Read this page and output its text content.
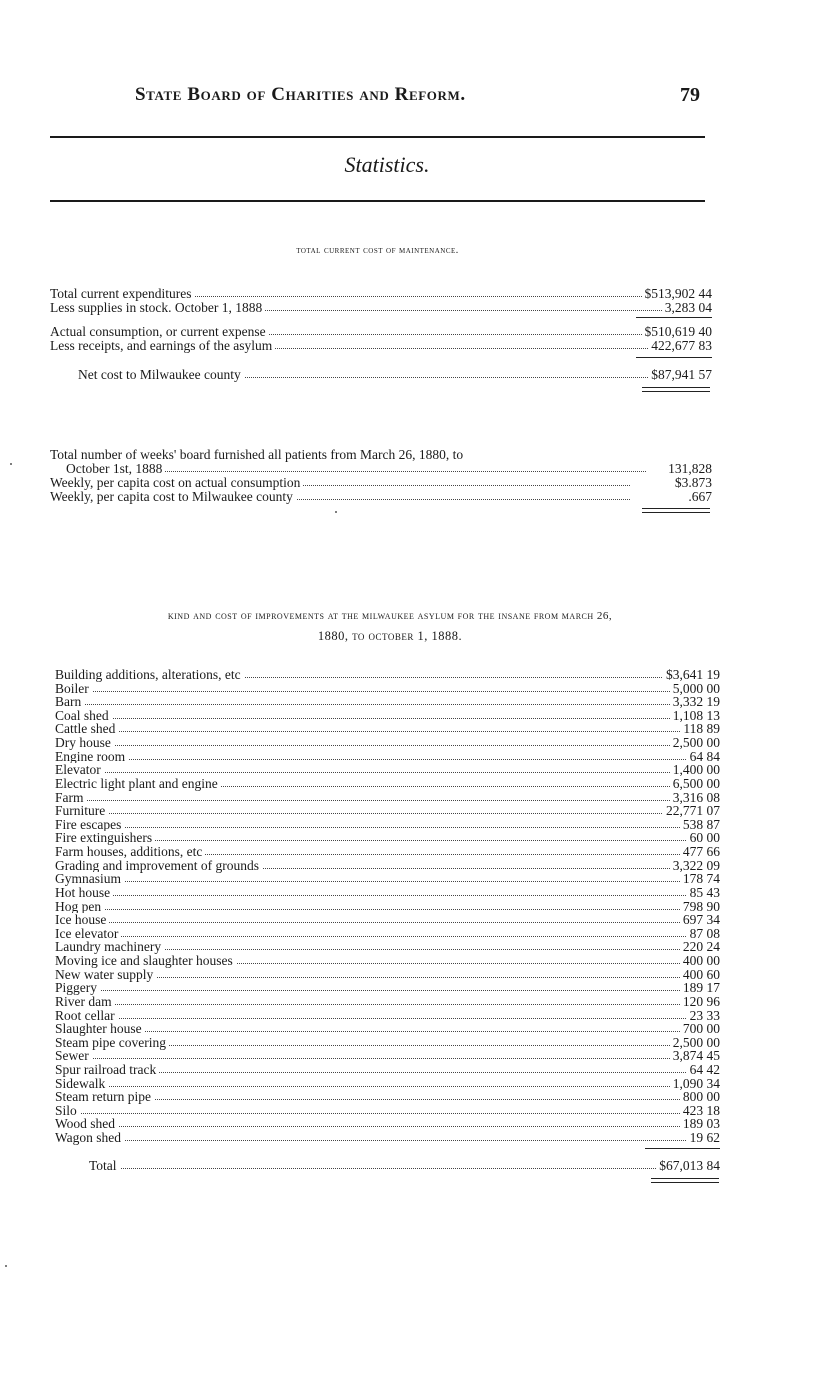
State Board of Charities and Reform.	79
Statistics.
total current cost of maintenance.
Total current expenditures	$513,902 44
Less supplies in stock. October 1, 1888	3,283 04
Actual consumption, or current expense	$510,619 40
Less receipts, and earnings of the asylum	422,677 83
Net cost to Milwaukee county	$87,941 57
Total number of weeks' board furnished all patients from March 26, 1880, to
October 1st, 1888	131,828
Weekly, per capita cost on actual consumption	$3.873
Weekly, per capita cost to Milwaukee county	.667
kind and cost of improvements at the milwaukee asylum for the insane from march 26,
1880, to october 1, 1888.
Building additions, alterations, etc	$3,641 19
Boiler	5,000 00
Barn	3,332 19
Coal shed	1,108 13
Cattle shed	118 89
Dry house	2,500 00
Engine room	64 84
Elevator	1,400 00
Electric light plant and engine	6,500 00
Farm	3,316 08
Furniture	22,771 07
Fire escapes	538 87
Fire extinguishers	60 00
Farm houses, additions, etc	477 66
Grading and improvement of grounds	3,322 09
Gymnasium	178 74
Hot house	85 43
Hog pen	798 90
Ice house	697 34
Ice elevator	87 08
Laundry machinery	220 24
Moving ice and slaughter houses	400 00
New water supply	400 60
Piggery	189 17
River dam	120 96
Root cellar	23 33
Slaughter house	700 00
Steam pipe covering	2,500 00
Sewer	3,874 45
Spur railroad track	64 42
Sidewalk	1,090 34
Steam return pipe	800 00
Silo	423 18
Wood shed	189 03
Wagon shed	19 62
Total	$67,013 84
